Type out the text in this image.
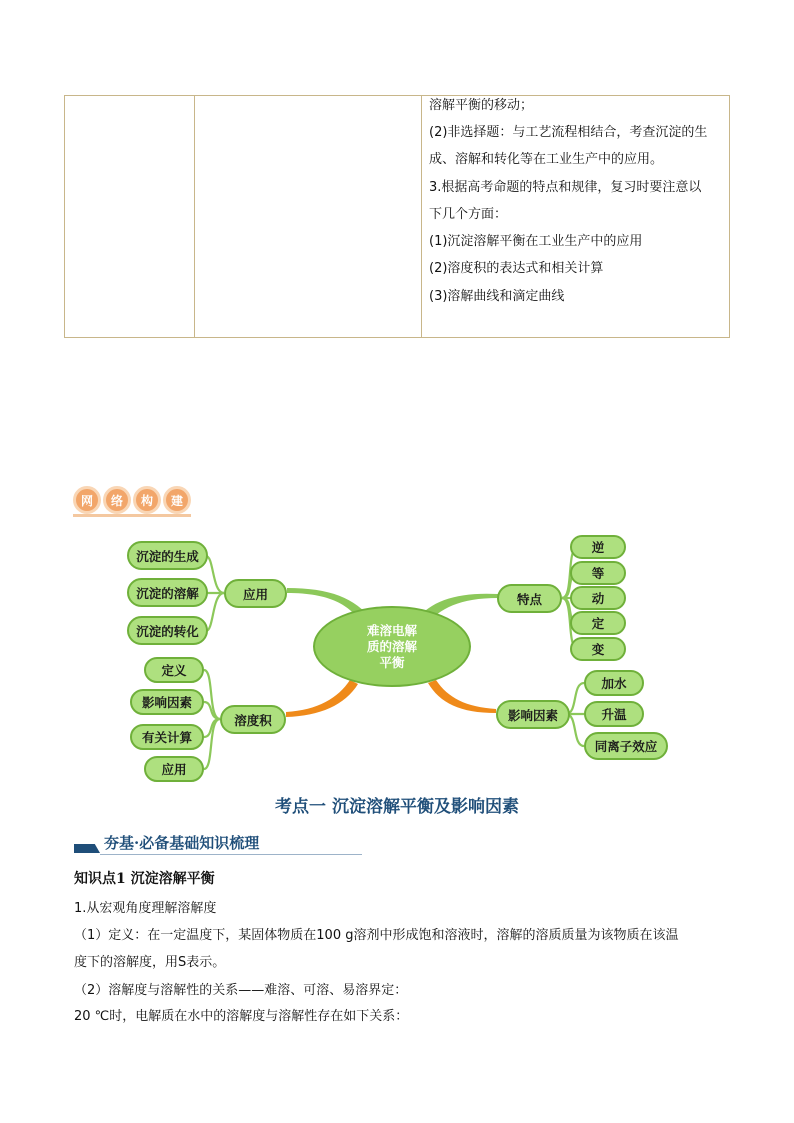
溶解平衡的移动；
(2)非选择题：与工艺流程相结合，考查沉淀的生
成、溶解和转化等在工业生产中的应用。
3.根据高考命题的特点和规律，复习时要注意以
下几个方面：
(1)沉淀溶解平衡在工业生产中的应用
(2)溶度积的表达式和相关计算
(3)溶解曲线和滴定曲线
网	络	构	建
难溶电解
质的溶解
平衡
应用
沉淀的生成
沉淀的溶解
沉淀的转化
特点
逆
等
动
定
变
溶度积
定义
影响因素
有关计算
应用
影响因素
加水
升温
同离子效应
考点一 沉淀溶解平衡及影响因素
夯基·必备基础知识梳理
知识点1 沉淀溶解平衡
1.从宏观角度理解溶解度
（1）定义：在一定温度下，某固体物质在100 g溶剂中形成饱和溶液时，溶解的溶质质量为该物质在该温
度下的溶解度，用S表示。
（2）溶解度与溶解性的关系——难溶、可溶、易溶界定：
20 ℃时，电解质在水中的溶解度与溶解性存在如下关系：
